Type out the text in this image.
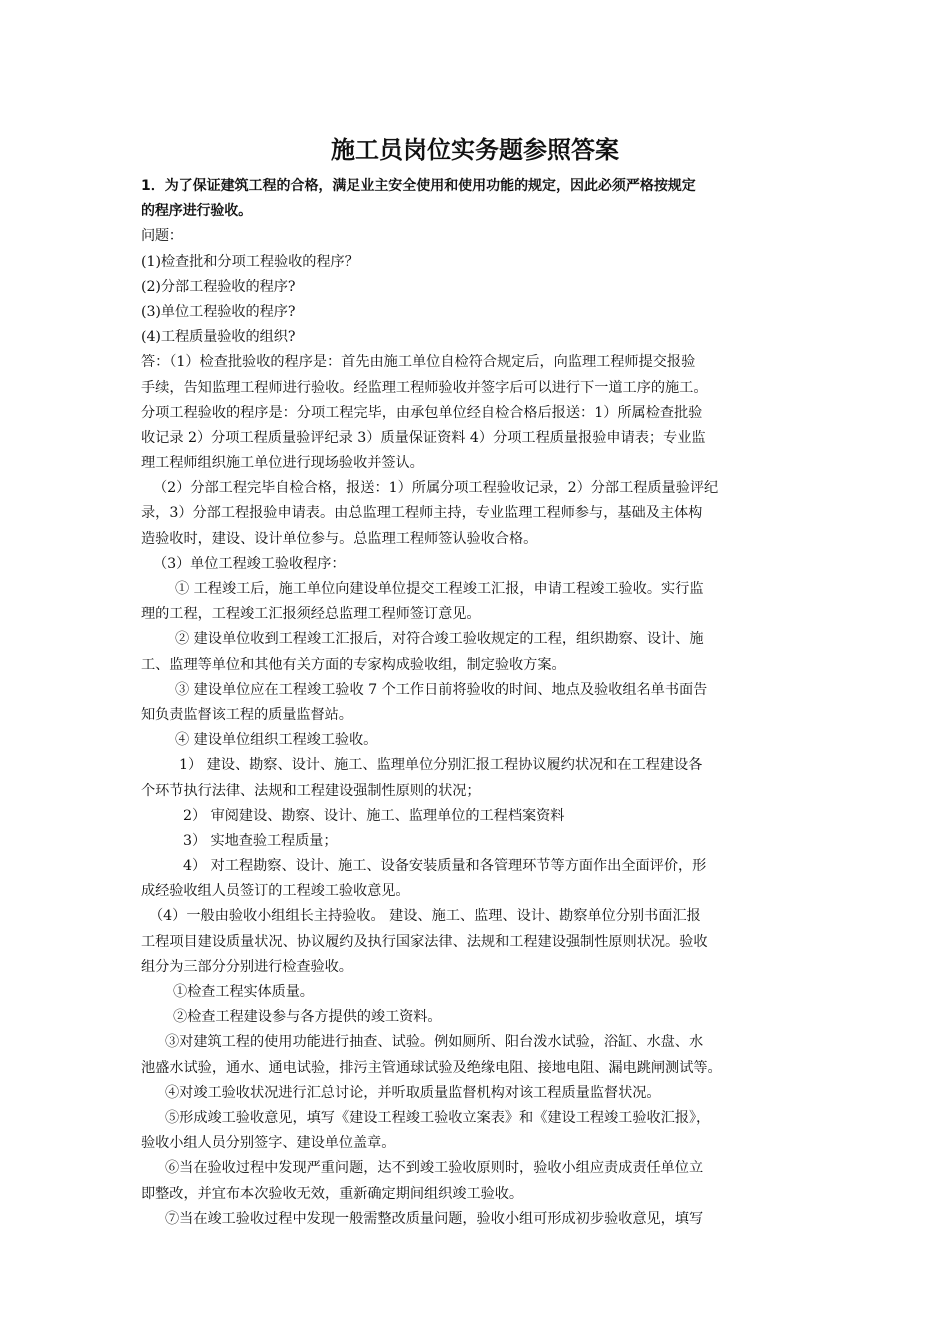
施工员岗位实务题参照答案
1．为了保证建筑工程的合格，满足业主安全使用和使用功能的规定，因此必须严格按规定
的程序进行验收。
问题：
(1)检查批和分项工程验收的程序？
(2)分部工程验收的程序?
(3)单位工程验收的程序?
(4)工程质量验收的组织?
答：（1）检查批验收的程序是：首先由施工单位自检符合规定后，向监理工程师提交报验
手续，告知监理工程师进行验收。经监理工程师验收并签字后可以进行下一道工序的施工。
分项工程验收的程序是：分项工程完毕，由承包单位经自检合格后报送：1）所属检查批验
收记录 2）分项工程质量验评纪录 3）质量保证资料 4）分项工程质量报验申请表；专业监
理工程师组织施工单位进行现场验收并签认。
（2）分部工程完毕自检合格，报送：1）所属分项工程验收记录，2）分部工程质量验评纪
录，3）分部工程报验申请表。由总监理工程师主持，专业监理工程师参与，基础及主体构
造验收时，建设、设计单位参与。总监理工程师签认验收合格。
（3）单位工程竣工验收程序：
① 工程竣工后，施工单位向建设单位提交工程竣工汇报，申请工程竣工验收。实行监
理的工程，工程竣工汇报须经总监理工程师签订意见。
② 建设单位收到工程竣工汇报后，对符合竣工验收规定的工程，组织勘察、设计、施
工、监理等单位和其他有关方面的专家构成验收组，制定验收方案。
③ 建设单位应在工程竣工验收 7 个工作日前将验收的时间、地点及验收组名单书面告
知负责监督该工程的质量监督站。
④ 建设单位组织工程竣工验收。
1） 建设、勘察、设计、施工、监理单位分别汇报工程协议履约状况和在工程建设各
个环节执行法律、法规和工程建设强制性原则的状况；
2） 审阅建设、勘察、设计、施工、监理单位的工程档案资料
3） 实地查验工程质量；
4） 对工程勘察、设计、施工、设备安装质量和各管理环节等方面作出全面评价，形
成经验收组人员签订的工程竣工验收意见。
（4）一般由验收小组组长主持验收。 建设、施工、监理、设计、勘察单位分别书面汇报
工程项目建设质量状况、协议履约及执行国家法律、法规和工程建设强制性原则状况。验收
组分为三部分分别进行检查验收。
①检查工程实体质量。
②检查工程建设参与各方提供的竣工资料。
③对建筑工程的使用功能进行抽查、试验。例如厕所、阳台泼水试验，浴缸、水盘、水
池盛水试验，通水、通电试验，排污主管通球试验及绝缘电阻、接地电阻、漏电跳闸测试等。
④对竣工验收状况进行汇总讨论，并听取质量监督机构对该工程质量监督状况。
⑤形成竣工验收意见，填写《建设工程竣工验收立案表》和《建设工程竣工验收汇报》，
验收小组人员分别签字、建设单位盖章。
⑥当在验收过程中发现严重问题，达不到竣工验收原则时，验收小组应责成责任单位立
即整改，并宜布本次验收无效，重新确定期间组织竣工验收。
⑦当在竣工验收过程中发现一般需整改质量问题，验收小组可形成初步验收意见，填写
